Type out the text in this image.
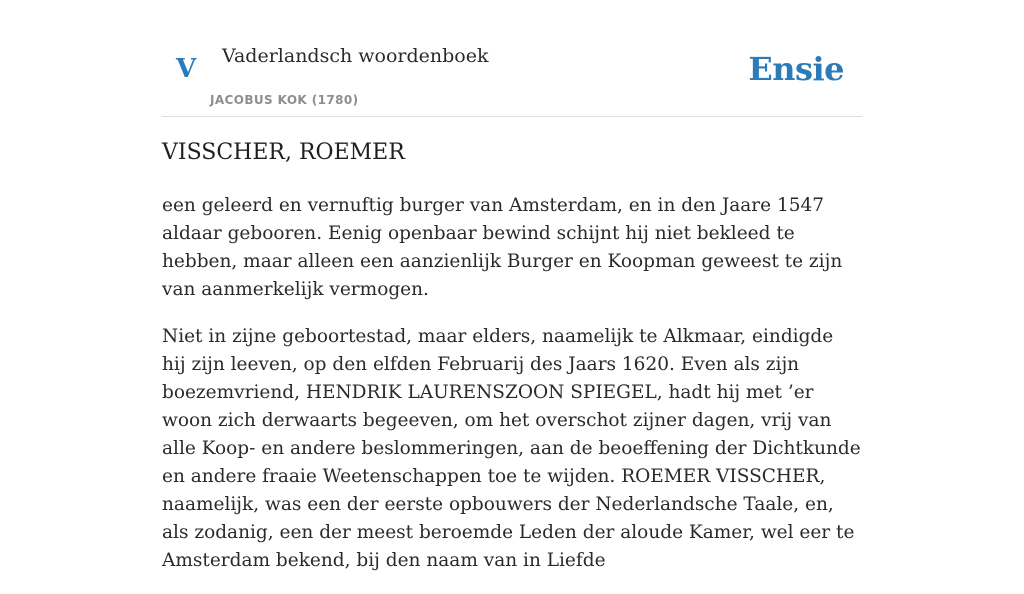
V Vaderlandsch woordenboek
JACOBUS KOK (1780)
Ensie
VISSCHER, ROEMER

een geleerd en vernuftig burger van Amsterdam, en in den Jaare 1547 aldaar gebooren. Eenig openbaar bewind schijnt hij niet bekleed te hebben, maar alleen een aanzienlijk Burger en Koopman geweest te zijn van aanmerkelijk vermogen.

Niet in zijne geboortestad, maar elders, naamelijk te Alkmaar, eindigde hij zijn leeven, op den elfden Februarij des Jaars 1620. Even als zijn boezemvriend, HENDRIK LAURENSZOON SPIEGEL, hadt hij met ’er woon zich derwaarts begeeven, om het overschot zijner dagen, vrij van alle Koop- en andere beslommeringen, aan de beoeffening der Dichtkunde en andere fraaie Weetenschappen toe te wijden. ROEMER VISSCHER, naamelijk, was een der eerste opbouwers der Nederlandsche Taale, en, als zodanig, een der meest beroemde Leden der aloude Kamer, wel eer te Amsterdam bekend, bij den naam van in Liefde
